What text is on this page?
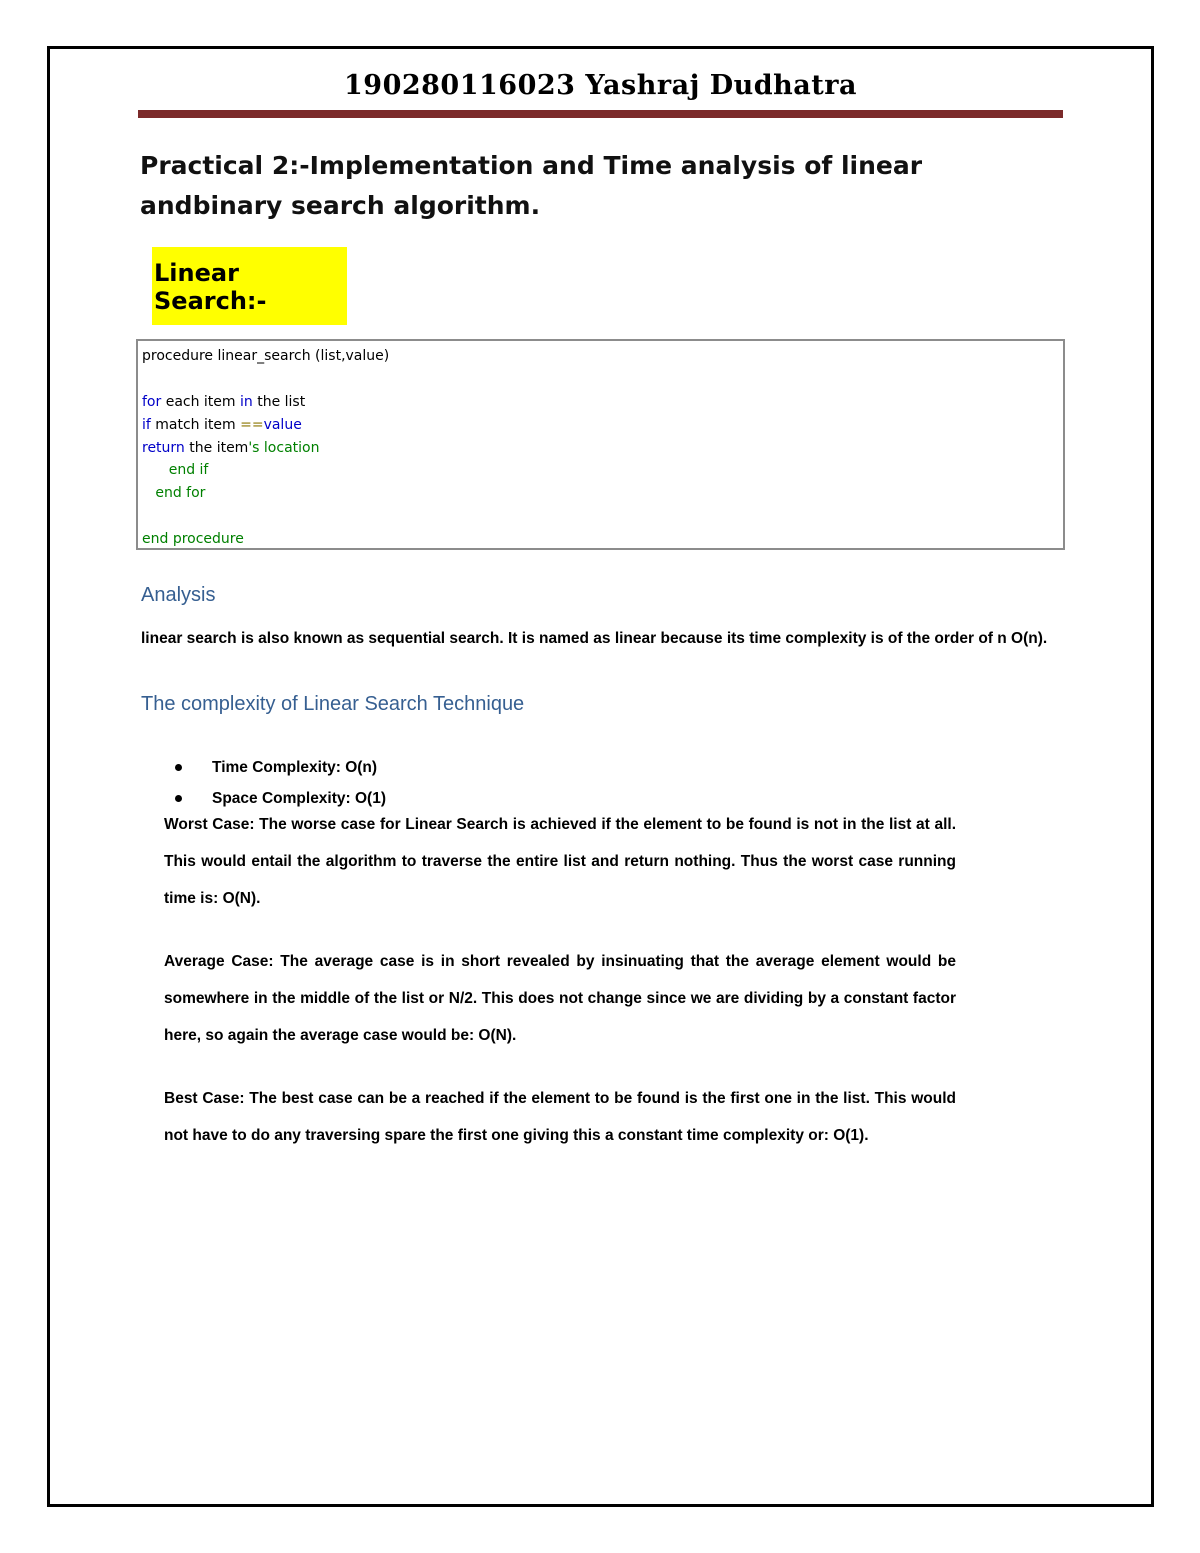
190280116023 Yashraj Dudhatra
Practical 2:-Implementation and Time analysis of linear andbinary search algorithm.
Linear Search:-
procedure linear_search (list,value)
for each item in the list
if match item ==value
return the item's location
end if
end for
end procedure
Analysis
linear search is also known as sequential search. It is named as linear because its time complexity is of the order of n O(n).
The complexity of Linear Search Technique
Time Complexity: O(n)
Space Complexity: O(1)
Worst Case: The worse case for Linear Search is achieved if the element to be found is not in the list at all. This would entail the algorithm to traverse the entire list and return nothing. Thus the worst case running time is: O(N).
Average Case: The average case is in short revealed by insinuating that the average element would be somewhere in the middle of the list or N/2. This does not change since we are dividing by a constant factor here, so again the average case would be: O(N).
Best Case: The best case can be a reached if the element to be found is the first one in the list. This would not have to do any traversing spare the first one giving this a constant time complexity or: O(1).
